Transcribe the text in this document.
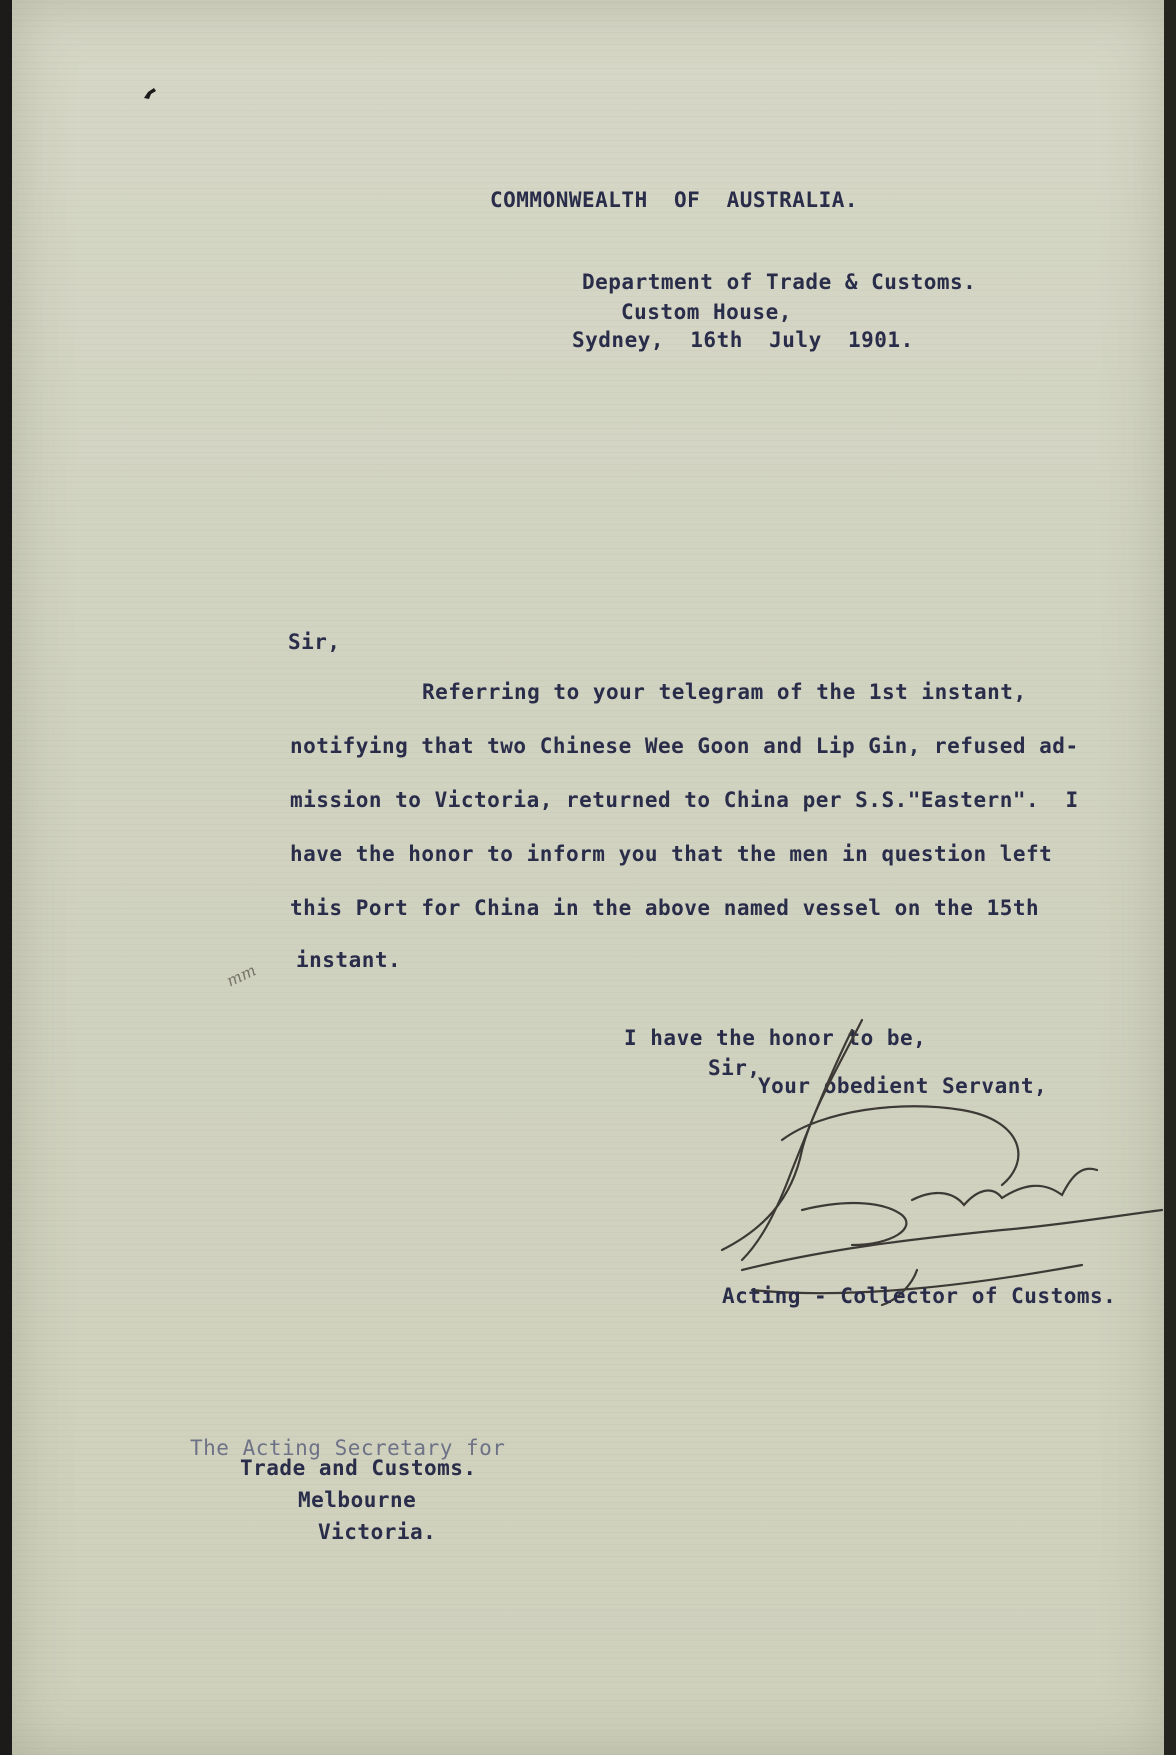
COMMONWEALTH  OF  AUSTRALIA.
Department of Trade & Customs.
Custom House,
Sydney,  16th  July  1901.
Sir,
Referring to your telegram of the 1st instant,
notifying that two Chinese Wee Goon and Lip Gin, refused ad-
mission to Victoria, returned to China per S.S."Eastern".  I
have the honor to inform you that the men in question left
this Port for China in the above named vessel on the 15th
instant.
mm
I have the honor to be,
Sir,
Your obedient Servant,
Acting - Collector of Customs.
The Acting Secretary for
Trade and Customs.
Melbourne
Victoria.
